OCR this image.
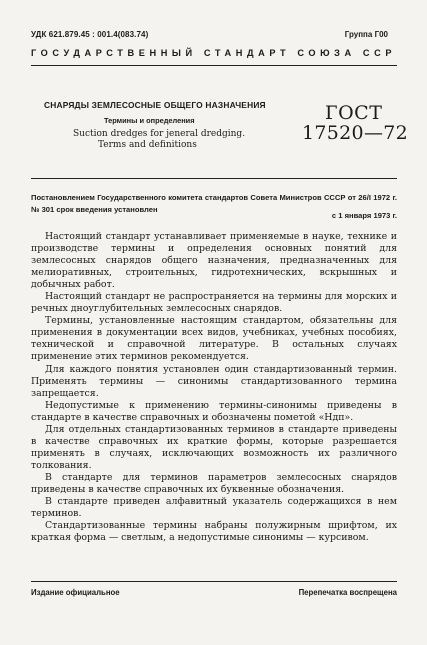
УДК 621.879.45 : 001.4(083.74)	Группа Г00
ГОСУДАРСТВЕННЫЙ СТАНДАРТ СОЮЗА ССР
СНАРЯДЫ ЗЕМЛЕСОСНЫЕ ОБЩЕГО НАЗНАЧЕНИЯ
Термины и определения
Suction dredges for jeneral dredging.
Terms and definitions
ГОСТ
17520—72
Постановлением Государственного комитета стандартов Совета Министров СССР от 26/I 1972 г. № 301 срок введения установлен
с 1 января 1973 г.

Настоящий стандарт устанавливает применяемые в науке, технике и производстве термины и определения основных понятий для землесосных снарядов общего назначения, предназначенных для мелиоративных, строительных, гидротехнических, вскрышных и добычных работ.

Настоящий стандарт не распространяется на термины для морских и речных дноуглубительных землесосных снарядов.

Термины, установленные настоящим стандартом, обязательны для применения в документации всех видов, учебниках, учебных пособиях, технической и справочной литературе. В остальных случаях применение этих терминов рекомендуется.

Для каждого понятия установлен один стандартизованный термин. Применять термины — синонимы стандартизованного термина запрещается.

Недопустимые к применению термины-синонимы приведены в стандарте в качестве справочных и обозначены пометой «Ндп».

Для отдельных стандартизованных терминов в стандарте приведены в качестве справочных их краткие формы, которые разрешается применять в случаях, исключающих возможность их различного толкования.

В стандарте для терминов параметров землесосных снарядов приведены в качестве справочных их буквенные обозначения.

В стандарте приведен алфавитный указатель содержащихся в нем терминов.

Стандартизованные термины набраны полужирным шрифтом, их краткая форма — светлым, а недопустимые синонимы — курсивом.

Издание официальное	Перепечатка воспрещена
